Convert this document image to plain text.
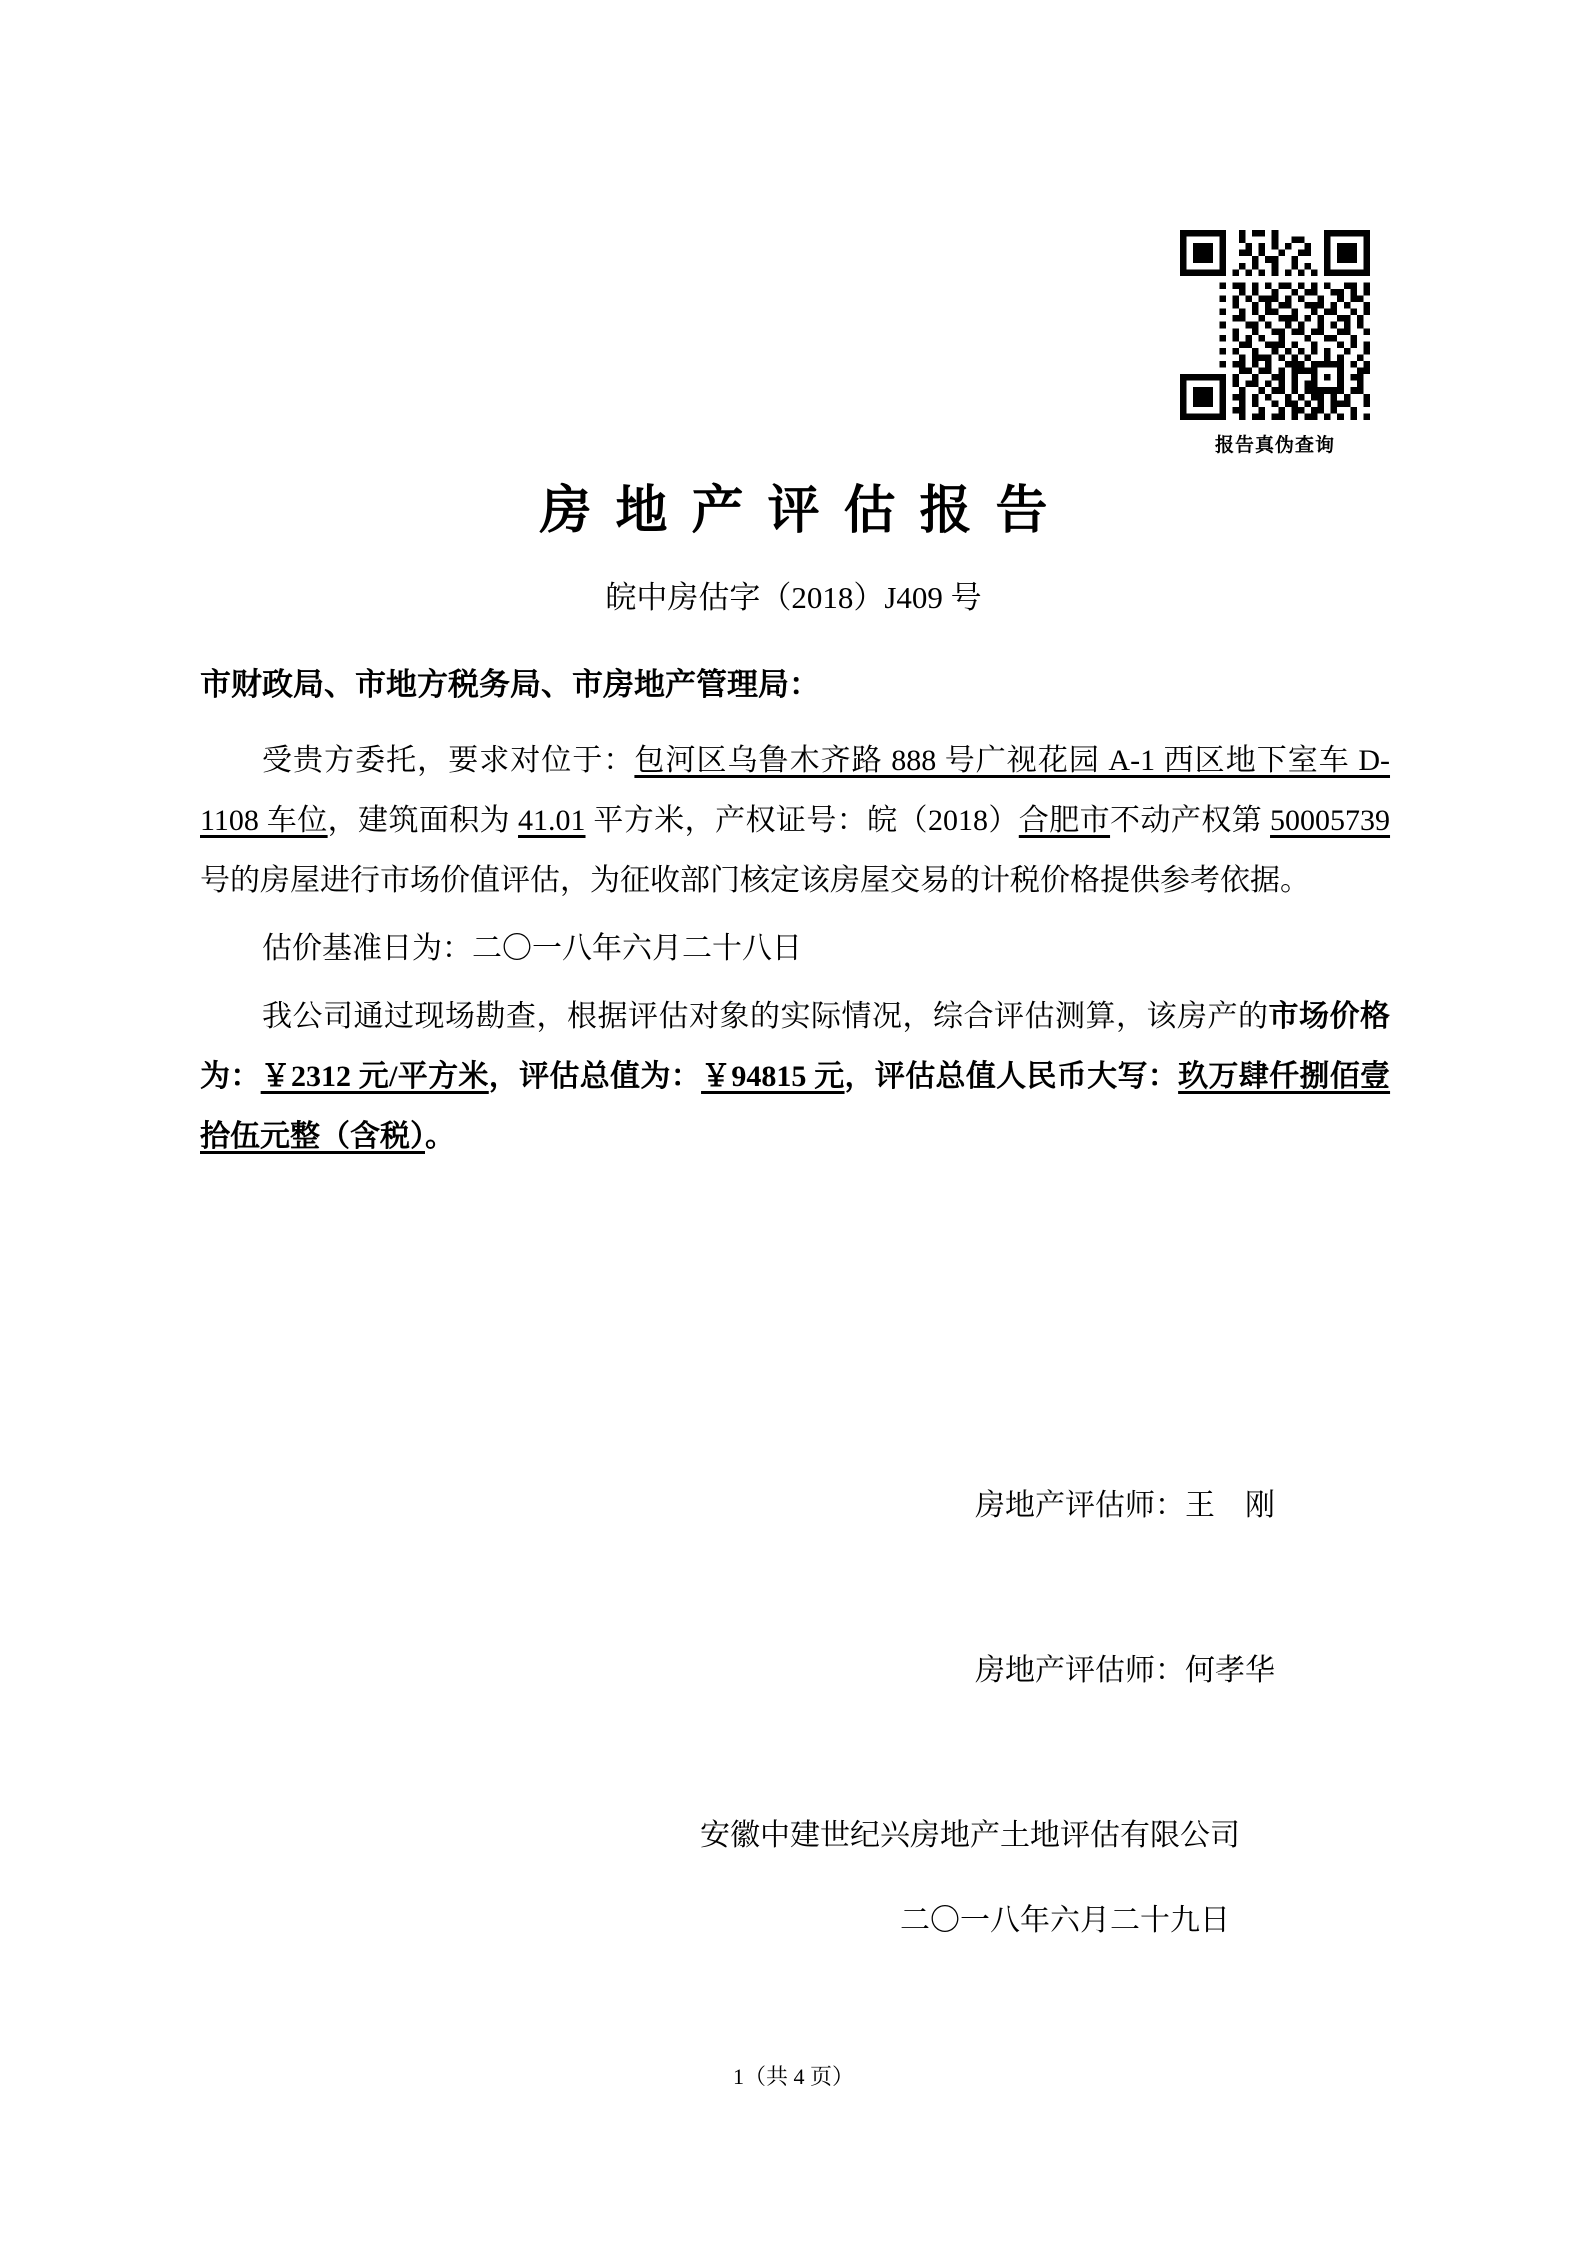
报告真伪查询
房地产评估报告
皖中房估字（2018）J409 号
市财政局、市地方税务局、市房地产管理局：

受贵方委托，要求对位于：包河区乌鲁木齐路 888 号广视花园 A-1 西区地下室车 D-1108 车位，建筑面积为 41.01 平方米，产权证号：皖（2018）合肥市不动产权第 50005739 号的房屋进行市场价值评估，为征收部门核定该房屋交易的计税价格提供参考依据。

估价基准日为：二〇一八年六月二十八日

我公司通过现场勘查，根据评估对象的实际情况，综合评估测算，该房产的市场价格为：￥2312 元/平方米，评估总值为：￥94815 元，评估总值人民币大写：玖万肆仟捌佰壹拾伍元整（含税）。

房地产评估师：王　刚
房地产评估师：何孝华
安徽中建世纪兴房地产土地评估有限公司
二〇一八年六月二十九日
1（共 4 页）
